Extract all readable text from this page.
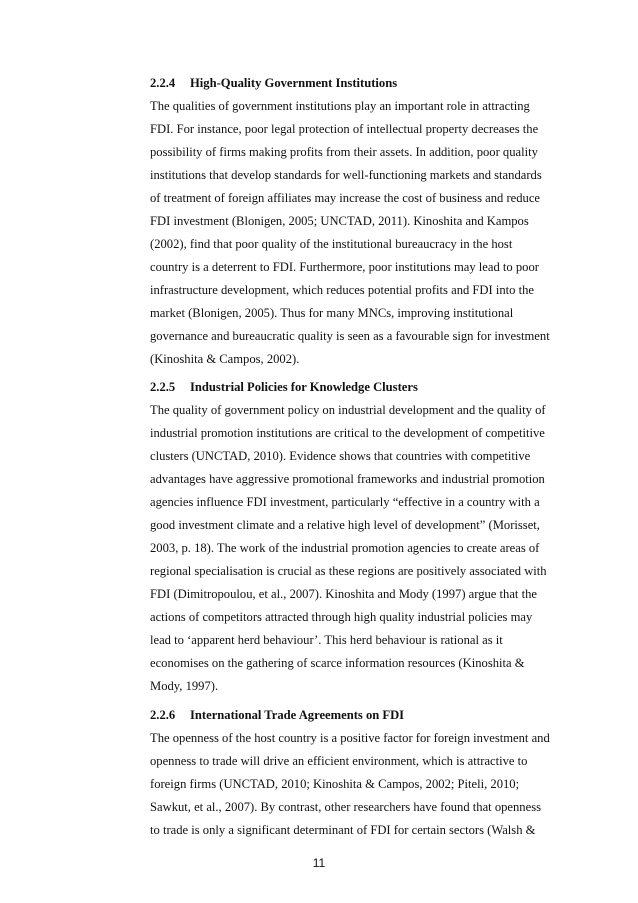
2.2.4 High-Quality Government Institutions
The qualities of government institutions play an important role in attracting
FDI. For instance, poor legal protection of intellectual property decreases the
possibility of firms making profits from their assets. In addition, poor quality
institutions that develop standards for well-functioning markets and standards
of treatment of foreign affiliates may increase the cost of business and reduce
FDI investment (Blonigen, 2005; UNCTAD, 2011). Kinoshita and Kampos
(2002), find that poor quality of the institutional bureaucracy in the host
country is a deterrent to FDI. Furthermore, poor institutions may lead to poor
infrastructure development, which reduces potential profits and FDI into the
market (Blonigen, 2005). Thus for many MNCs, improving institutional
governance and bureaucratic quality is seen as a favourable sign for investment
(Kinoshita & Campos, 2002).
2.2.5 Industrial Policies for Knowledge Clusters
The quality of government policy on industrial development and the quality of
industrial promotion institutions are critical to the development of competitive
clusters (UNCTAD, 2010). Evidence shows that countries with competitive
advantages have aggressive promotional frameworks and industrial promotion
agencies influence FDI investment, particularly “effective in a country with a
good investment climate and a relative high level of development” (Morisset,
2003, p. 18). The work of the industrial promotion agencies to create areas of
regional specialisation is crucial as these regions are positively associated with
FDI (Dimitropoulou, et al., 2007). Kinoshita and Mody (1997) argue that the
actions of competitors attracted through high quality industrial policies may
lead to ‘apparent herd behaviour’. This herd behaviour is rational as it
economises on the gathering of scarce information resources (Kinoshita &
Mody, 1997).
2.2.6 International Trade Agreements on FDI
The openness of the host country is a positive factor for foreign investment and
openness to trade will drive an efficient environment, which is attractive to
foreign firms (UNCTAD, 2010; Kinoshita & Campos, 2002; Piteli, 2010;
Sawkut, et al., 2007). By contrast, other researchers have found that openness
to trade is only a significant determinant of FDI for certain sectors (Walsh &
11
